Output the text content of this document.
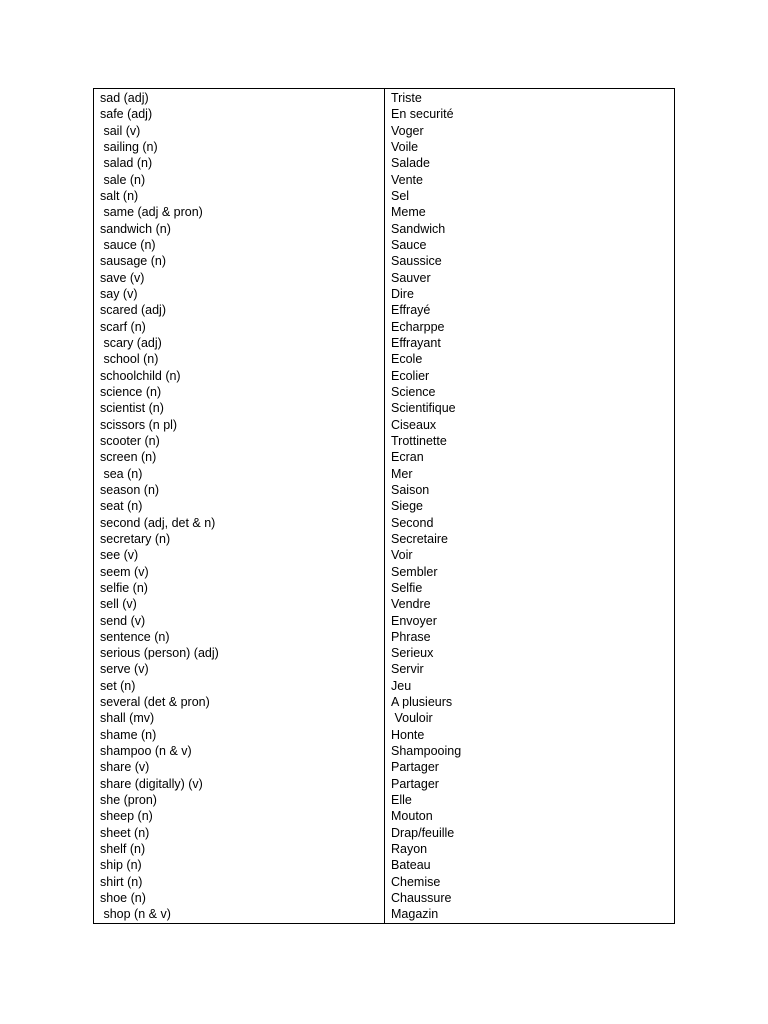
sad (adj)
safe (adj)
sail (v)
sailing (n)
salad (n)
sale (n)
salt (n)
same (adj & pron)
sandwich (n)
sauce (n)
sausage (n)
save (v)
say (v)
scared (adj)
scarf (n)
scary (adj)
school (n)
schoolchild (n)
science (n)
scientist (n)
scissors (n pl)
scooter (n)
screen (n)
sea (n)
season (n)
seat (n)
second (adj, det & n)
secretary (n)
see (v)
seem (v)
selfie (n)
sell (v)
send (v)
sentence (n)
serious (person) (adj)
serve (v)
set (n)
several (det & pron)
shall (mv)
shame (n)
shampoo (n & v)
share (v)
share (digitally) (v)
she (pron)
sheep (n)
sheet (n)
shelf (n)
ship (n)
shirt (n)
shoe (n)
shop (n & v)
Triste
En securité
Voger
Voile
Salade
Vente
Sel
Meme
Sandwich
Sauce
Saussice
Sauver
Dire
Effrayé
Echarppe
Effrayant
Ecole
Ecolier
Science
Scientifique
Ciseaux
Trottinette
Ecran
Mer
Saison
Siege
Second
Secretaire
Voir
Sembler
Selfie
Vendre
Envoyer
Phrase
Serieux
Servir
Jeu
A plusieurs
Vouloir
Honte
Shampooing
Partager
Partager
Elle
Mouton
Drap/feuille
Rayon
Bateau
Chemise
Chaussure
Magazin
